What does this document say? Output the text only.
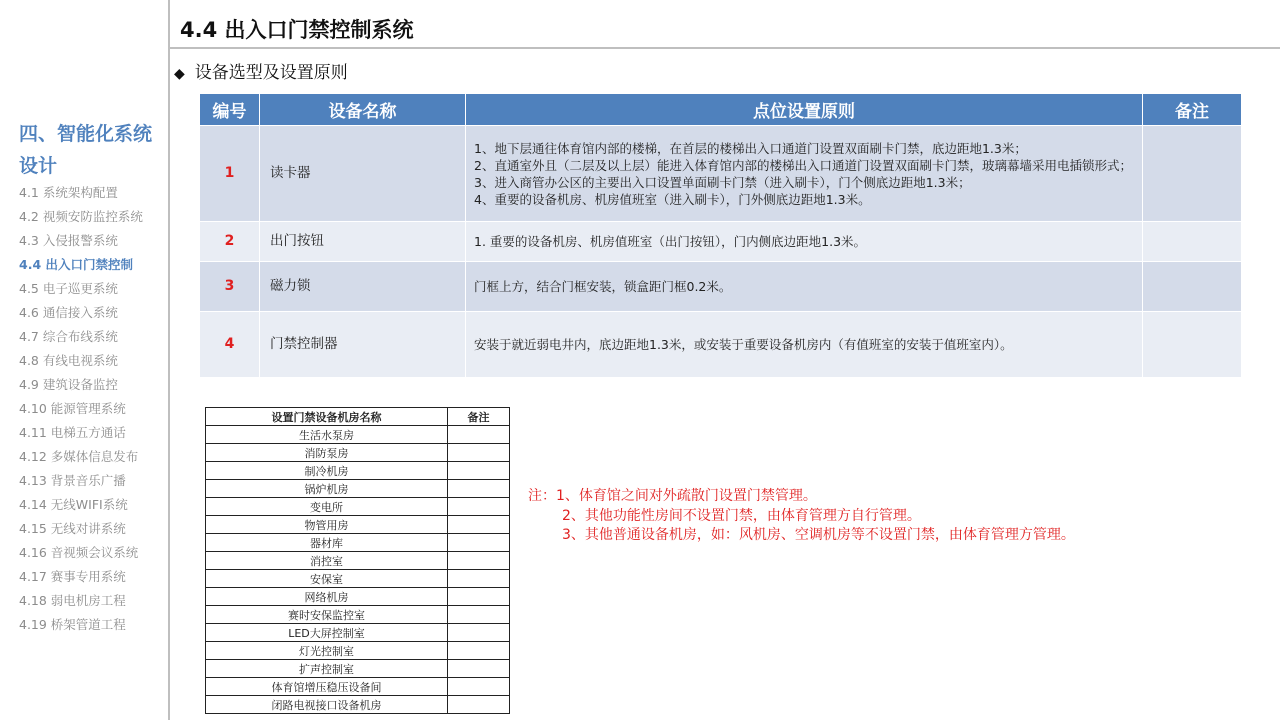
四、智能化系统设计
4.1 系统架构配置
4.2 视频安防监控系统
4.3 入侵报警系统
4.4 出入口门禁控制
4.5 电子巡更系统
4.6 通信接入系统
4.7 综合布线系统
4.8 有线电视系统
4.9 建筑设备监控
4.10 能源管理系统
4.11 电梯五方通话
4.12 多媒体信息发布
4.13 背景音乐广播
4.14 无线WIFI系统
4.15 无线对讲系统
4.16 音视频会议系统
4.17 赛事专用系统
4.18 弱电机房工程
4.19 桥架管道工程
4.4 出入口门禁控制系统
◆ 设备选型及设置原则
编号	设备名称	点位设置原则	备注
1	读卡器	1、地下层通往体育馆内部的楼梯，在首层的楼梯出入口通道门设置双面刷卡门禁，底边距地1.3米；
2、直通室外且（二层及以上层）能进入体育馆内部的楼梯出入口通道门设置双面刷卡门禁，玻璃幕墙采用电插锁形式；
3、进入商管办公区的主要出入口设置单面刷卡门禁（进入刷卡），门个侧底边距地1.3米；
4、重要的设备机房、机房值班室（进入刷卡），门外侧底边距地1.3米。	

2	出门按钮	1. 重要的设备机房、机房值班室（出门按钮），门内侧底边距地1.3米。	

3	磁力锁	门框上方，结合门框安装，锁盒距门框0.2米。	

4	门禁控制器	安装于就近弱电井内，底边距地1.3米，或安装于重要设备机房内（有值班室的安装于值班室内）。	

设置门禁设备机房名称	备注
生活水泵房	
消防泵房	
制冷机房	
锅炉机房	
变电所	
物管用房	
器材库	
消控室	
安保室	
网络机房	
赛时安保监控室	
LED大屏控制室	
灯光控制室	
扩声控制室	
体育馆增压稳压设备间	
闭路电视接口设备机房	
注：1、体育馆之间对外疏散门设置门禁管理。
2、其他功能性房间不设置门禁，由体育管理方自行管理。
3、其他普通设备机房，如：风机房、空调机房等不设置门禁，由体育管理方管理。
